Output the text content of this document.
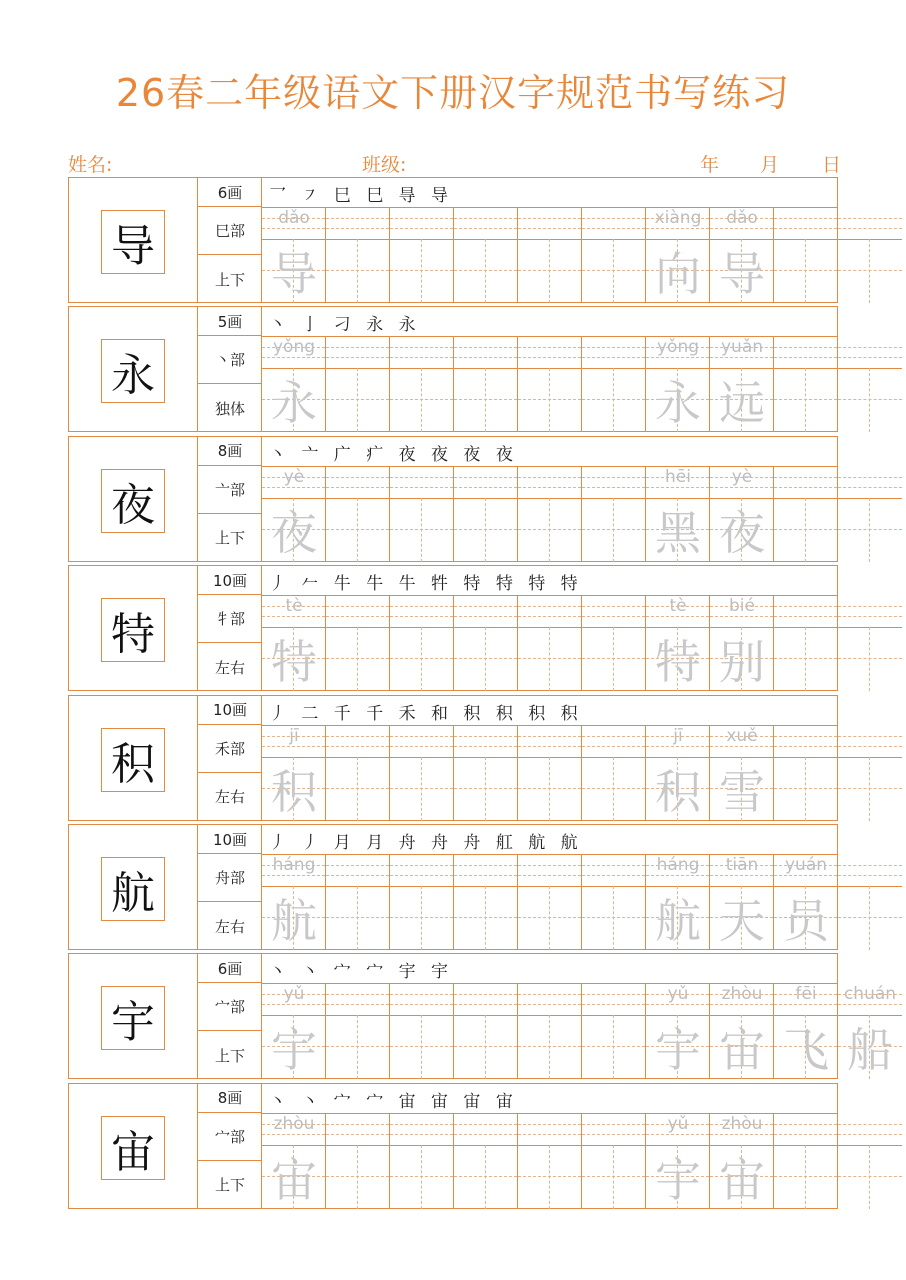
26春二年级语文下册汉字规范书写练习
姓名:	班级:	年 月 日
导
6画
巳部
上下
乛 ㇇ 巳 巳 㝵 导
dǎo
导
xiàng
向
dǎo
导
永
5画
丶部
独体
丶 亅 刁 永 永
yǒng
永
yǒng
永
yuǎn
远
夜
8画
亠部
上下
丶 亠 广 疒 夜 夜 夜 夜
yè
夜
hēi
黑
yè
夜
特
10画
牜部
左右
丿 𠂉 牛 牛 牛 牪 特 特 特 特
tè
特
tè
特
bié
别
积
10画
禾部
左右
丿 二 千 千 禾 和 积 积 积 积
jī
积
jī
积
xuě
雪
航
10画
舟部
左右
丿 丿 月 月 舟 舟 舟 舡 航 航
háng
航
háng
航
tiān
天
yuán
员
宇
6画
宀部
上下
丶 丶 宀 宀 宇 宇
yǔ
宇
yǔ
宇
zhòu
宙
fēi
飞
chuán
船
宙
8画
宀部
上下
丶 丶 宀 宀 宙 宙 宙 宙
zhòu
宙
yǔ
宇
zhòu
宙
